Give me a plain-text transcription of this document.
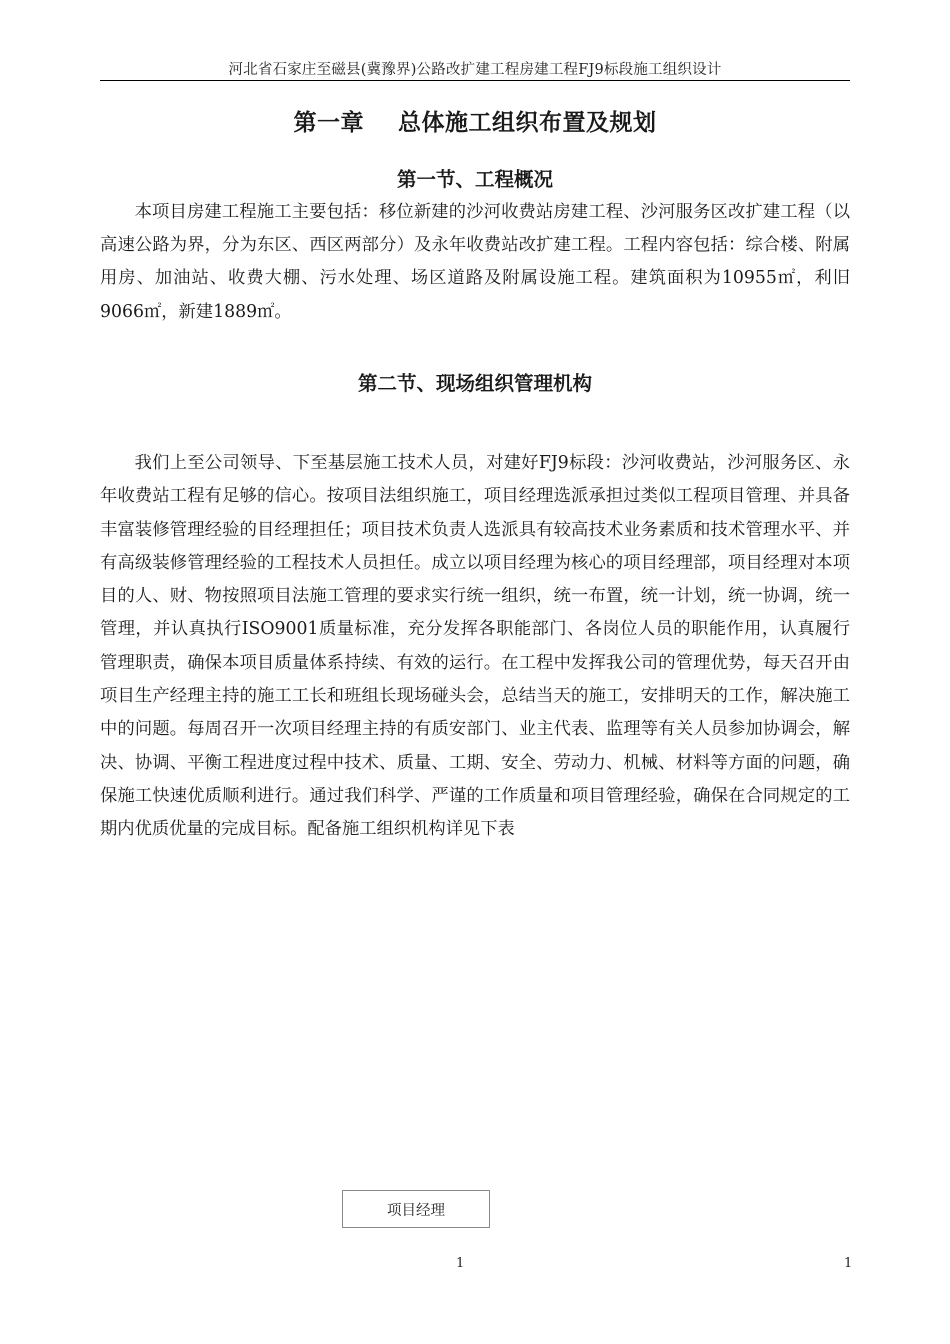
河北省石家庄至磁县(冀豫界)公路改扩建工程房建工程FJ9标段施工组织设计
第一章    总体施工组织布置及规划
第一节、工程概况

本项目房建工程施工主要包括：移位新建的沙河收费站房建工程、沙河服务区改扩建工程（以高速公路为界，分为东区、西区两部分）及永年收费站改扩建工程。工程内容包括：综合楼、附属用房、加油站、收费大棚、污水处理、场区道路及附属设施工程。建筑面积为10955㎡，利旧9066㎡，新建1889㎡。

第二节、现场组织管理机构

我们上至公司领导、下至基层施工技术人员，对建好FJ9标段：沙河收费站，沙河服务区、永年收费站工程有足够的信心。按项目法组织施工，项目经理选派承担过类似工程项目管理、并具备丰富装修管理经验的目经理担任；项目技术负责人选派具有较高技术业务素质和技术管理水平、并有高级装修管理经验的工程技术人员担任。成立以项目经理为核心的项目经理部，项目经理对本项目的人、财、物按照项目法施工管理的要求实行统一组织，统一布置，统一计划，统一协调，统一管理，并认真执行ISO9001质量标准，充分发挥各职能部门、各岗位人员的职能作用，认真履行管理职责，确保本项目质量体系持续、有效的运行。在工程中发挥我公司的管理优势，每天召开由项目生产经理主持的施工工长和班组长现场碰头会，总结当天的施工，安排明天的工作，解决施工中的问题。每周召开一次项目经理主持的有质安部门、业主代表、监理等有关人员参加协调会，解决、协调、平衡工程进度过程中技术、质量、工期、安全、劳动力、机械、材料等方面的问题，确保施工快速优质顺利进行。通过我们科学、严谨的工作质量和项目管理经验，确保在合同规定的工期内优质优量的完成目标。配备施工组织机构详见下表

项目经理
1	1
